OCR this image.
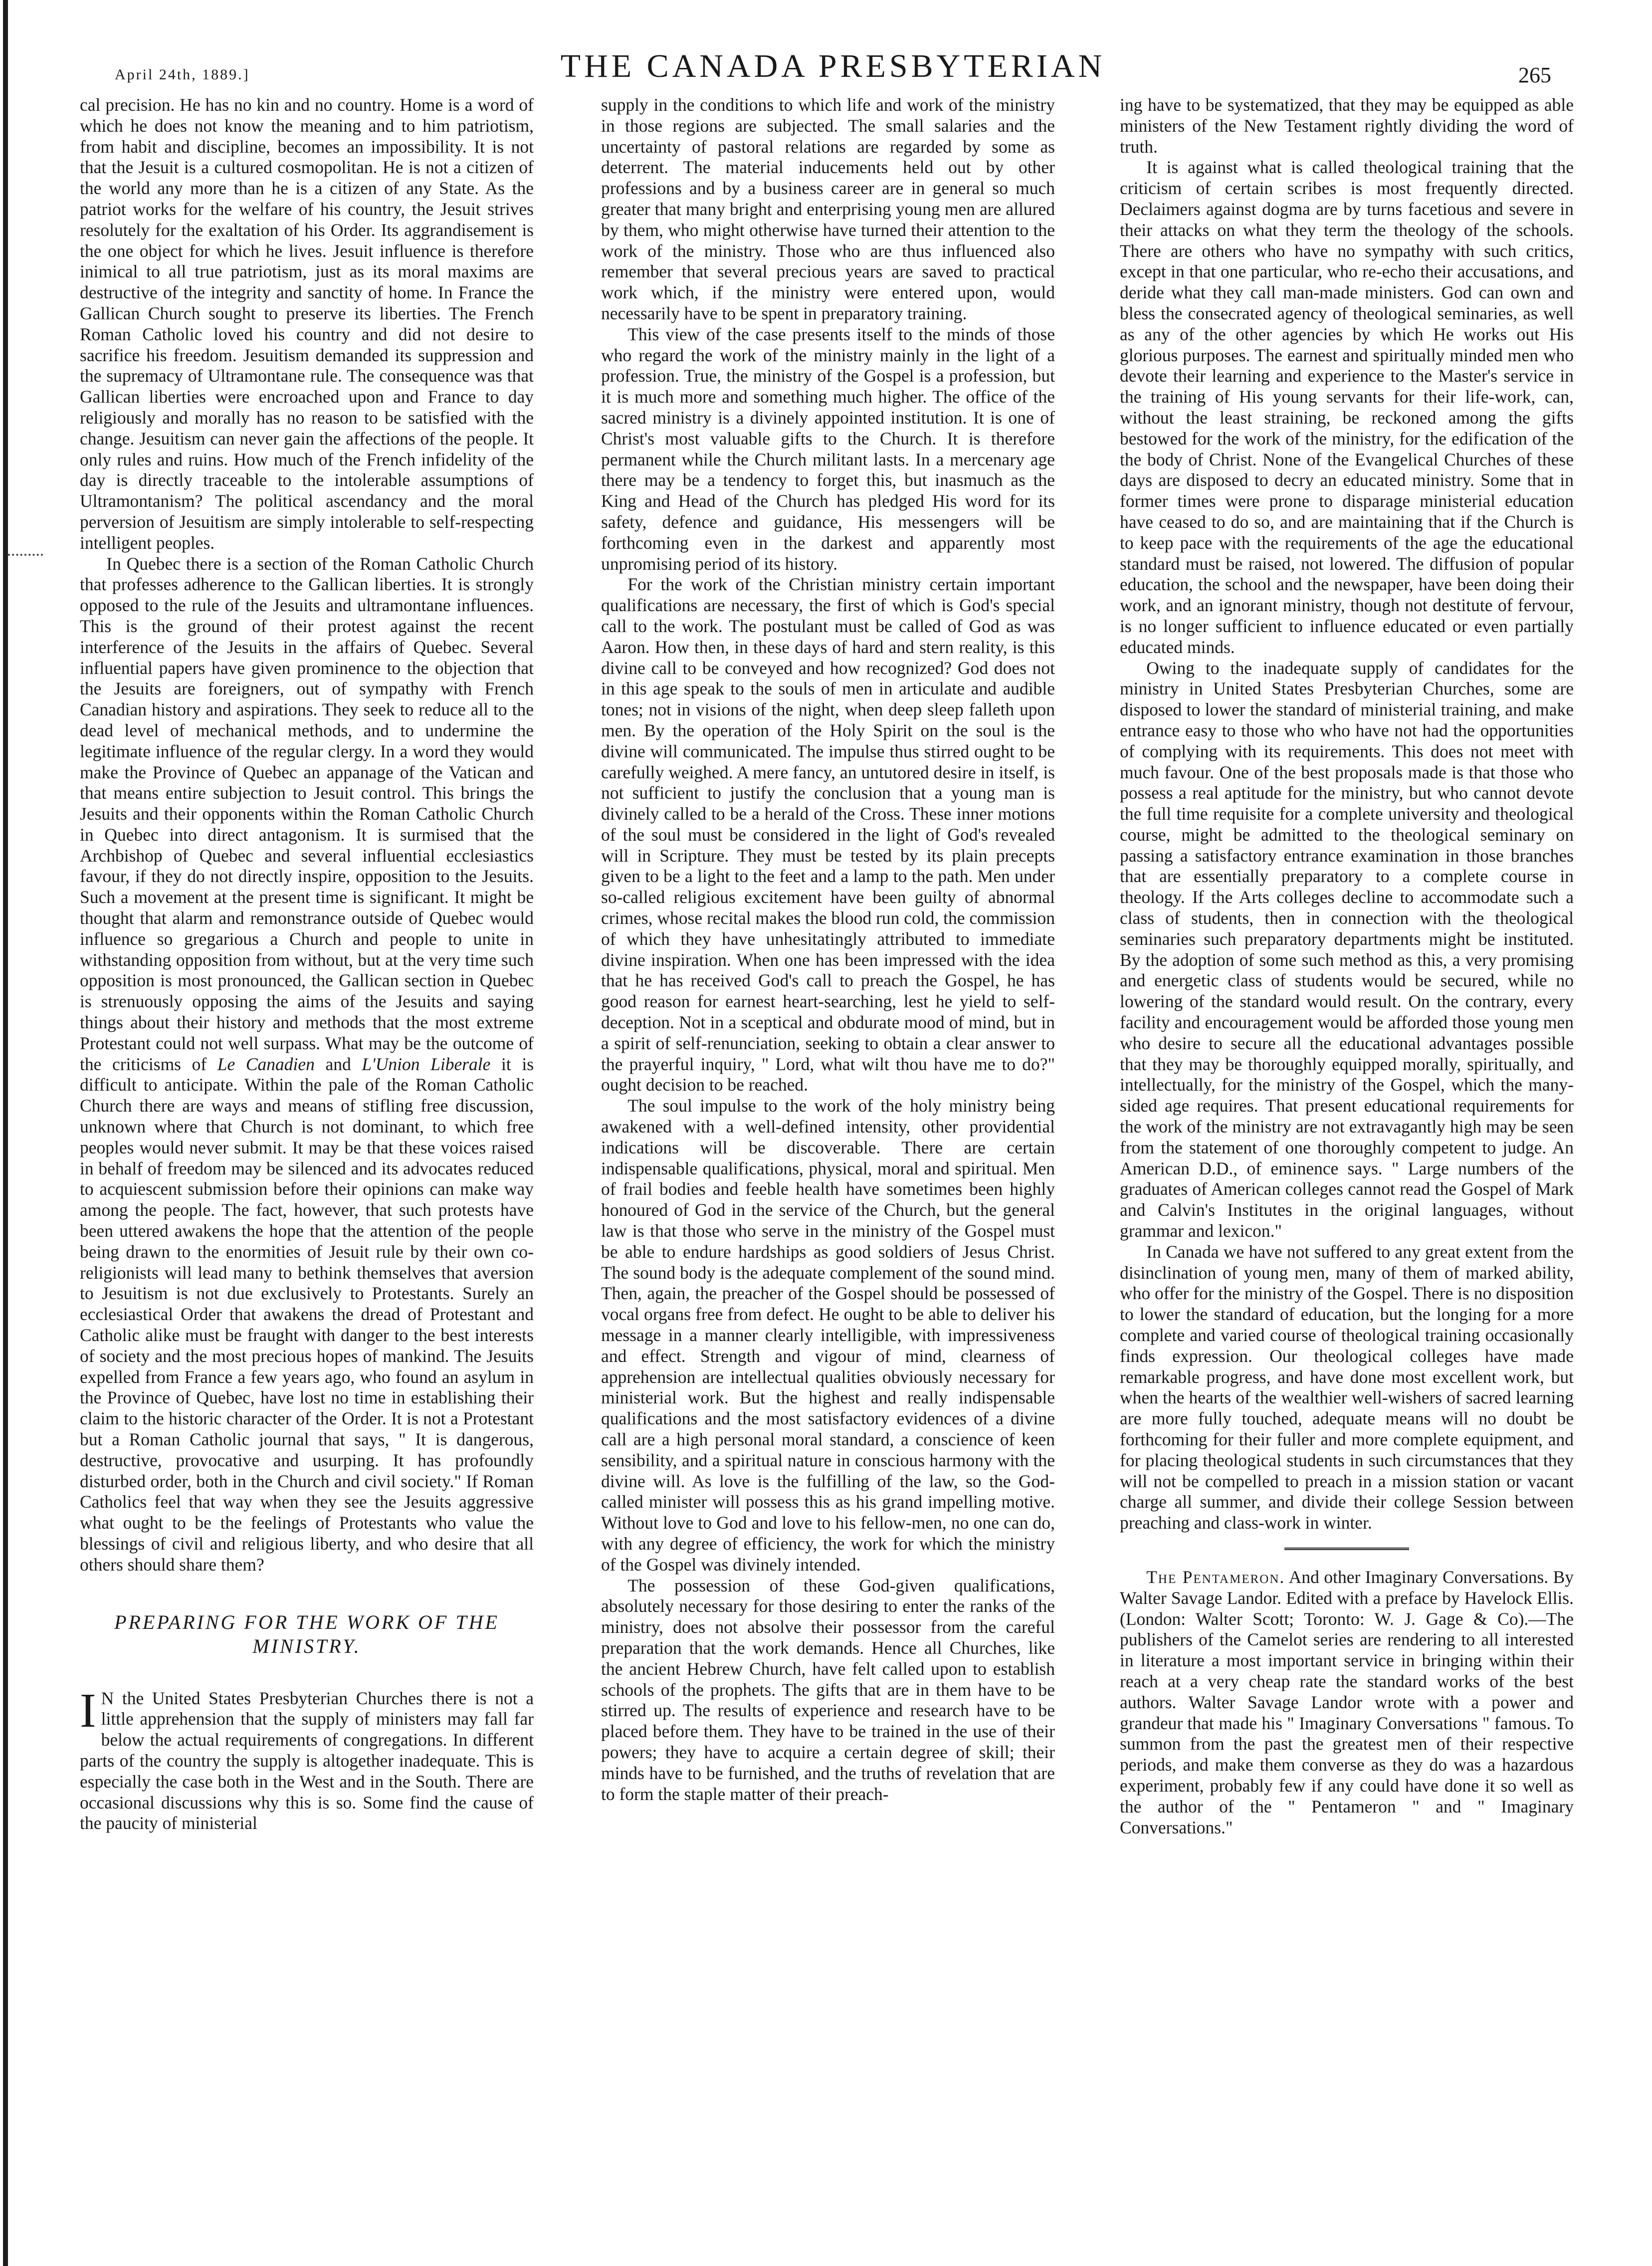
April 24th, 1889.]	THE CANADA PRESBYTERIAN	265

cal precision. He has no kin and no country. Home is a word of which he does not know the meaning and to him patriotism, from habit and discipline, becomes an impossibility. It is not that the Jesuit is a cultured cosmopolitan. He is not a citizen of the world any more than he is a citizen of any State. As the patriot works for the welfare of his country, the Jesuit strives resolutely for the exaltation of his Order. Its aggrandisement is the one object for which he lives. Jesuit influence is therefore inimical to all true patriotism, just as its moral maxims are destructive of the integrity and sanctity of home. In France the Gallican Church sought to preserve its liberties. The French Roman Catholic loved his country and did not desire to sacrifice his freedom. Jesuitism demanded its suppression and the supremacy of Ultramontane rule. The consequence was that Gallican liberties were encroached upon and France to day religiously and morally has no reason to be satisfied with the change. Jesuitism can never gain the affections of the people. It only rules and ruins. How much of the French infidelity of the day is directly traceable to the intolerable assumptions of Ultramontanism? The political ascendancy and the moral perversion of Jesuitism are simply intolerable to self-respecting intelligent peoples.

In Quebec there is a section of the Roman Catholic Church that professes adherence to the Gallican liberties. It is strongly opposed to the rule of the Jesuits and ultramontane influences. This is the ground of their protest against the recent interference of the Jesuits in the affairs of Quebec. Several influential papers have given prominence to the objection that the Jesuits are foreigners, out of sympathy with French Canadian history and aspirations. They seek to reduce all to the dead level of mechanical methods, and to undermine the legitimate influence of the regular clergy. In a word they would make the Province of Quebec an appanage of the Vatican and that means entire subjection to Jesuit control. This brings the Jesuits and their opponents within the Roman Catholic Church in Quebec into direct antagonism. It is surmised that the Archbishop of Quebec and several influential ecclesiastics favour, if they do not directly inspire, opposition to the Jesuits. Such a movement at the present time is significant. It might be thought that alarm and remonstrance outside of Quebec would influence so gregarious a Church and people to unite in withstanding opposition from without, but at the very time such opposition is most pronounced, the Gallican section in Quebec is strenuously opposing the aims of the Jesuits and saying things about their history and methods that the most extreme Protestant could not well surpass. What may be the outcome of the criticisms of Le Canadien and L'Union Liberale it is difficult to anticipate. Within the pale of the Roman Catholic Church there are ways and means of stifling free discussion, unknown where that Church is not dominant, to which free peoples would never submit. It may be that these voices raised in behalf of freedom may be silenced and its advocates reduced to acquiescent submission before their opinions can make way among the people. The fact, however, that such protests have been uttered awakens the hope that the attention of the people being drawn to the enormities of Jesuit rule by their own co-religionists will lead many to bethink themselves that aversion to Jesuitism is not due exclusively to Protestants. Surely an ecclesiastical Order that awakens the dread of Protestant and Catholic alike must be fraught with danger to the best interests of society and the most precious hopes of mankind. The Jesuits expelled from France a few years ago, who found an asylum in the Province of Quebec, have lost no time in establishing their claim to the historic character of the Order. It is not a Protestant but a Roman Catholic journal that says, " It is dangerous, destructive, provocative and usurping. It has profoundly disturbed order, both in the Church and civil society." If Roman Catholics feel that way when they see the Jesuits aggressive what ought to be the feelings of Protestants who value the blessings of civil and religious liberty, and who desire that all others should share them?

PREPARING FOR THE WORK OF THE MINISTRY.

I N the United States Presbyterian Churches there is not a little apprehension that the supply of ministers may fall far below the actual requirements of congregations. In different parts of the country the supply is altogether inadequate. This is especially the case both in the West and in the South. There are occasional discussions why this is so. Some find the cause of the paucity of ministerial

supply in the conditions to which life and work of the ministry in those regions are subjected. The small salaries and the uncertainty of pastoral relations are regarded by some as deterrent. The material inducements held out by other professions and by a business career are in general so much greater that many bright and enterprising young men are allured by them, who might otherwise have turned their attention to the work of the ministry. Those who are thus influenced also remember that several precious years are saved to practical work which, if the ministry were entered upon, would necessarily have to be spent in preparatory training.

This view of the case presents itself to the minds of those who regard the work of the ministry mainly in the light of a profession. True, the ministry of the Gospel is a profession, but it is much more and something much higher. The office of the sacred ministry is a divinely appointed institution. It is one of Christ's most valuable gifts to the Church. It is therefore permanent while the Church militant lasts. In a mercenary age there may be a tendency to forget this, but inasmuch as the King and Head of the Church has pledged His word for its safety, defence and guidance, His messengers will be forthcoming even in the darkest and apparently most unpromising period of its history.

For the work of the Christian ministry certain important qualifications are necessary, the first of which is God's special call to the work. The postulant must be called of God as was Aaron. How then, in these days of hard and stern reality, is this divine call to be conveyed and how recognized? God does not in this age speak to the souls of men in articulate and audible tones; not in visions of the night, when deep sleep falleth upon men. By the operation of the Holy Spirit on the soul is the divine will communicated. The impulse thus stirred ought to be carefully weighed. A mere fancy, an untutored desire in itself, is not sufficient to justify the conclusion that a young man is divinely called to be a herald of the Cross. These inner motions of the soul must be considered in the light of God's revealed will in Scripture. They must be tested by its plain precepts given to be a light to the feet and a lamp to the path. Men under so-called religious excitement have been guilty of abnormal crimes, whose recital makes the blood run cold, the commission of which they have unhesitatingly attributed to immediate divine inspiration. When one has been impressed with the idea that he has received God's call to preach the Gospel, he has good reason for earnest heart-searching, lest he yield to self-deception. Not in a sceptical and obdurate mood of mind, but in a spirit of self-renunciation, seeking to obtain a clear answer to the prayerful inquiry, " Lord, what wilt thou have me to do?" ought decision to be reached.

The soul impulse to the work of the holy ministry being awakened with a well-defined intensity, other providential indications will be discoverable. There are certain indispensable qualifications, physical, moral and spiritual. Men of frail bodies and feeble health have sometimes been highly honoured of God in the service of the Church, but the general law is that those who serve in the ministry of the Gospel must be able to endure hardships as good soldiers of Jesus Christ. The sound body is the adequate complement of the sound mind. Then, again, the preacher of the Gospel should be possessed of vocal organs free from defect. He ought to be able to deliver his message in a manner clearly intelligible, with impressiveness and effect. Strength and vigour of mind, clearness of apprehension are intellectual qualities obviously necessary for ministerial work. But the highest and really indispensable qualifications and the most satisfactory evidences of a divine call are a high personal moral standard, a conscience of keen sensibility, and a spiritual nature in conscious harmony with the divine will. As love is the fulfilling of the law, so the God-called minister will possess this as his grand impelling motive. Without love to God and love to his fellow-men, no one can do, with any degree of efficiency, the work for which the ministry of the Gospel was divinely intended.

The possession of these God-given qualifications, absolutely necessary for those desiring to enter the ranks of the ministry, does not absolve their possessor from the careful preparation that the work demands. Hence all Churches, like the ancient Hebrew Church, have felt called upon to establish schools of the prophets. The gifts that are in them have to be stirred up. The results of experience and research have to be placed before them. They have to be trained in the use of their powers; they have to acquire a certain degree of skill; their minds have to be furnished, and the truths of revelation that are to form the staple matter of their preach-

ing have to be systematized, that they may be equipped as able ministers of the New Testament rightly dividing the word of truth.

It is against what is called theological training that the criticism of certain scribes is most frequently directed. Declaimers against dogma are by turns facetious and severe in their attacks on what they term the theology of the schools. There are others who have no sympathy with such critics, except in that one particular, who re-echo their accusations, and deride what they call man-made ministers. God can own and bless the consecrated agency of theological seminaries, as well as any of the other agencies by which He works out His glorious purposes. The earnest and spiritually minded men who devote their learning and experience to the Master's service in the training of His young servants for their life-work, can, without the least straining, be reckoned among the gifts bestowed for the work of the ministry, for the edification of the the body of Christ. None of the Evangelical Churches of these days are disposed to decry an educated ministry. Some that in former times were prone to disparage ministerial education have ceased to do so, and are maintaining that if the Church is to keep pace with the requirements of the age the educational standard must be raised, not lowered. The diffusion of popular education, the school and the newspaper, have been doing their work, and an ignorant ministry, though not destitute of fervour, is no longer sufficient to influence educated or even partially educated minds.

Owing to the inadequate supply of candidates for the ministry in United States Presbyterian Churches, some are disposed to lower the standard of ministerial training, and make entrance easy to those who who have not had the opportunities of complying with its requirements. This does not meet with much favour. One of the best proposals made is that those who possess a real aptitude for the ministry, but who cannot devote the full time requisite for a complete university and theological course, might be admitted to the theological seminary on passing a satisfactory entrance examination in those branches that are essentially preparatory to a complete course in theology. If the Arts colleges decline to accommodate such a class of students, then in connection with the theological seminaries such preparatory departments might be instituted. By the adoption of some such method as this, a very promising and energetic class of students would be secured, while no lowering of the standard would result. On the contrary, every facility and encouragement would be afforded those young men who desire to secure all the educational advantages possible that they may be thoroughly equipped morally, spiritually, and intellectually, for the ministry of the Gospel, which the many-sided age requires. That present educational requirements for the work of the ministry are not extravagantly high may be seen from the statement of one thoroughly competent to judge. An American D.D., of eminence says. " Large numbers of the graduates of American colleges cannot read the Gospel of Mark and Calvin's Institutes in the original languages, without grammar and lexicon."

In Canada we have not suffered to any great extent from the disinclination of young men, many of them of marked ability, who offer for the ministry of the Gospel. There is no disposition to lower the standard of education, but the longing for a more complete and varied course of theological training occasionally finds expression. Our theological colleges have made remarkable progress, and have done most excellent work, but when the hearts of the wealthier well-wishers of sacred learning are more fully touched, adequate means will no doubt be forthcoming for their fuller and more complete equipment, and for placing theological students in such circumstances that they will not be compelled to preach in a mission station or vacant charge all summer, and divide their college Session between preaching and class-work in winter.

The Pentameron. And other Imaginary Conversations. By Walter Savage Landor. Edited with a preface by Havelock Ellis. (London: Walter Scott; Toronto: W. J. Gage & Co).—The publishers of the Camelot series are rendering to all interested in literature a most important service in bringing within their reach at a very cheap rate the standard works of the best authors. Walter Savage Landor wrote with a power and grandeur that made his " Imaginary Conversations " famous. To summon from the past the greatest men of their respective periods, and make them converse as they do was a hazardous experiment, probably few if any could have done it so well as the author of the " Pentameron " and " Imaginary Conversations."
